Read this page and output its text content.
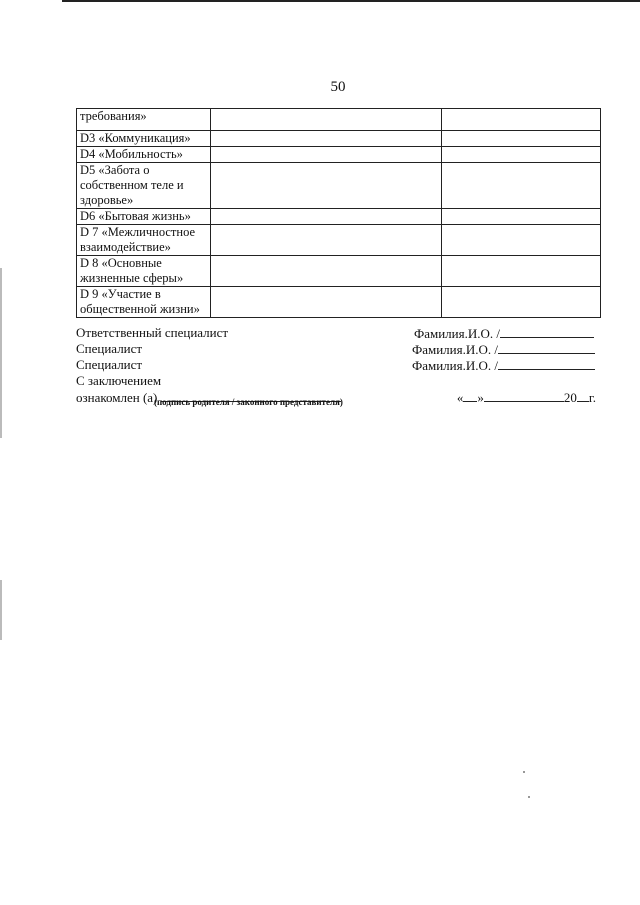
50
требования»		
D3 «Коммуникация»		
D4 «Мобильность»		
D5 «Забота о собственном теле и здоровье»		
D6 «Бытовая жизнь»		
D 7 «Межличностное взаимодействие»		
D 8 «Основные жизненные сферы»		
D 9 «Участие в общественной жизни»		
Ответственный специалист	Фамилия.И.О. /
Специалист	Фамилия.И.О. /
Специалист	Фамилия.И.О. /
С заключением
ознакомлен (а)	« »	20 г.
(подпись родителя / законного представителя)
